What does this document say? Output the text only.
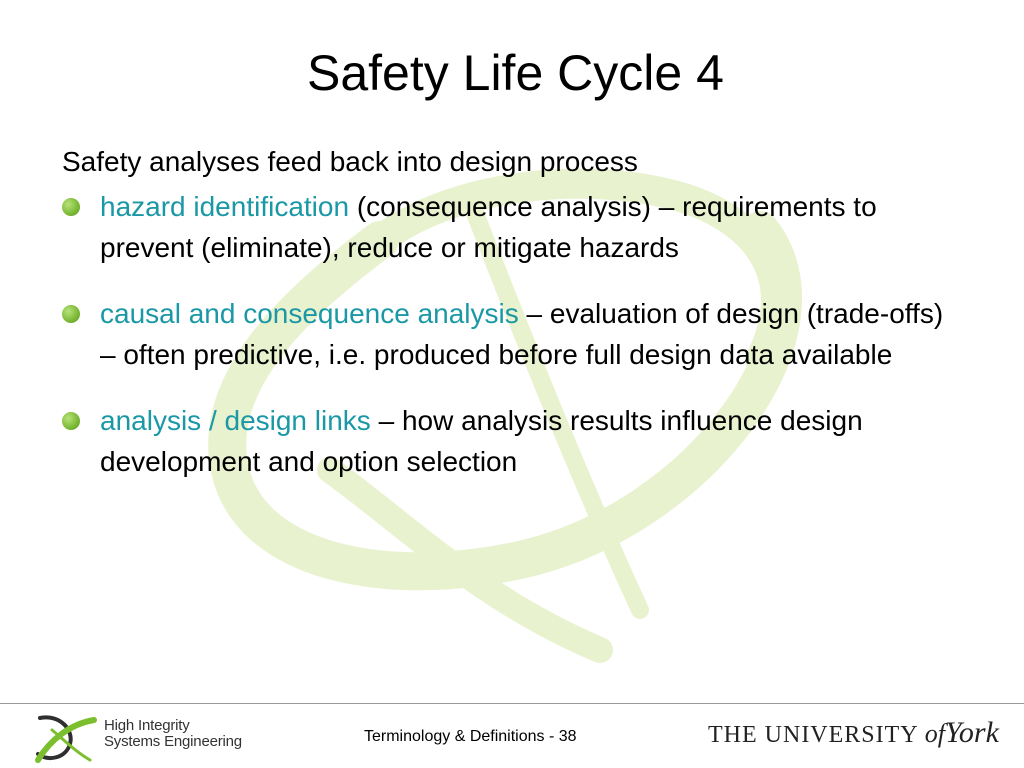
Safety Life Cycle 4

Safety analyses feed back into design process

hazard identification (consequence analysis) – requirements to prevent (eliminate), reduce or mitigate hazards
causal and consequence analysis – evaluation of design (trade-offs) – often predictive, i.e. produced before full design data available
analysis / design links – how analysis results influence design development and option selection
High Integrity
Systems Engineering	Terminology & Definitions - 38	THE UNIVERSITY ofYork
